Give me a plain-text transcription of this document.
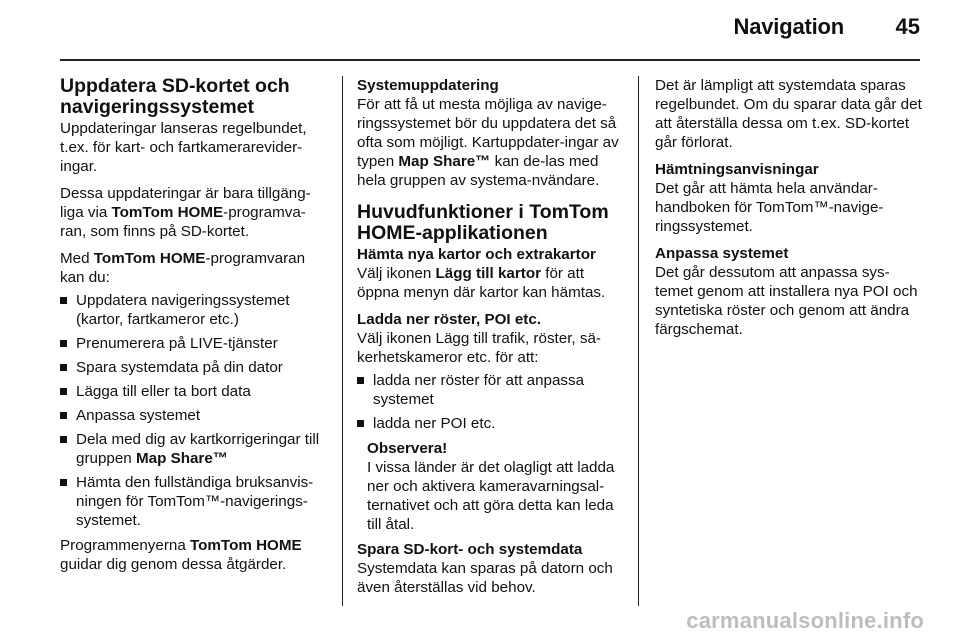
Navigation 45
Uppdatera SD-kortet och navigeringssystemet
Uppdateringar lanseras regelbundet, t.ex. för kart- och fartkamerarevider-ingar.
Dessa uppdateringar är bara tillgäng-liga via TomTom HOME-programva-ran, som finns på SD-kortet.
Med TomTom HOME-programvaran kan du:
Uppdatera navigeringssystemet (kartor, fartkameror etc.)
Prenumerera på LIVE-tjänster
Spara systemdata på din dator
Lägga till eller ta bort data
Anpassa systemet
Dela med dig av kartkorrigeringar till gruppen Map Share™
Hämta den fullständiga bruksanvis-ningen för TomTom™-navigerings-systemet.
Programmenyerna TomTom HOME guidar dig genom dessa åtgärder.
Systemuppdatering
För att få ut mesta möjliga av navige-ringssystemet bör du uppdatera det så ofta som möjligt. Kartuppdater-ingar av typen Map Share™ kan de-las med hela gruppen av systema-nvändare.
Huvudfunktioner i TomTom HOME-applikationen
Hämta nya kartor och extrakartor
Välj ikonen Lägg till kartor för att öppna menyn där kartor kan hämtas.
Ladda ner röster, POI etc.
Välj ikonen Lägg till trafik, röster, sä-kerhetskameror etc. för att:
ladda ner röster för att anpassa systemet
ladda ner POI etc.
Observera!
I vissa länder är det olagligt att ladda ner och aktivera kameravarningsal-ternativet och att göra detta kan leda till åtal.
Spara SD-kort- och systemdata
Systemdata kan sparas på datorn och även återställas vid behov.
Det är lämpligt att systemdata sparas regelbundet. Om du sparar data går det att återställa dessa om t.ex. SD-kortet går förlorat.
Hämtningsanvisningar
Det går att hämta hela användar-handboken för TomTom™-navige-ringssystemet.
Anpassa systemet
Det går dessutom att anpassa sys-temet genom att installera nya POI och syntetiska röster och genom att ändra färgschemat.
carmanualsonline.info
